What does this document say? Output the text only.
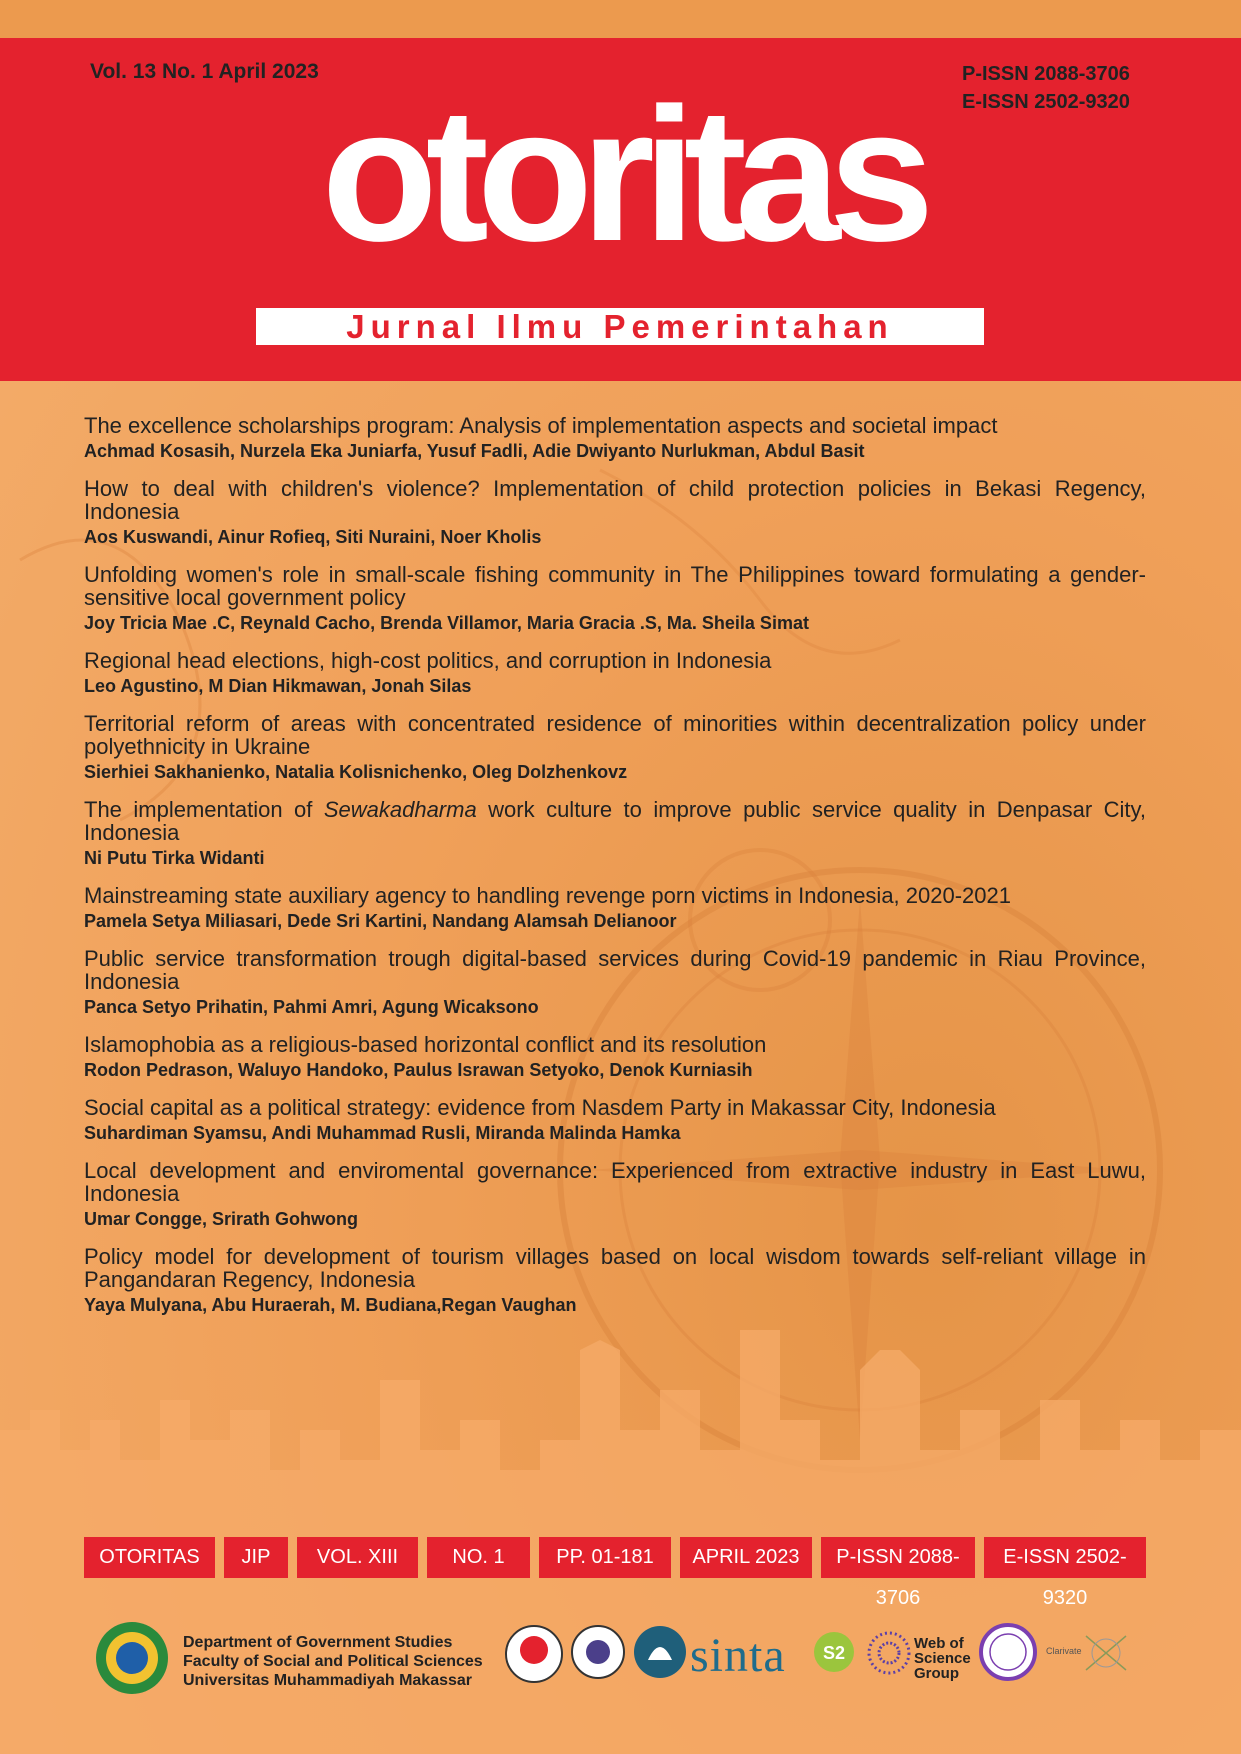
Vol. 13 No. 1 April 2023	P-ISSN 2088-3706
E-ISSN 2502-9320
otoritas
Jurnal Ilmu Pemerintahan
The excellence scholarships program: Analysis of implementation aspects and societal impact
Achmad Kosasih, Nurzela Eka Juniarfa, Yusuf Fadli, Adie Dwiyanto Nurlukman, Abdul Basit
How to deal with children's violence? Implementation of child protection policies in Bekasi Regency, Indonesia
Aos Kuswandi, Ainur Rofieq, Siti Nuraini, Noer Kholis
Unfolding women's role in small-scale fishing community in The Philippines toward formulating a gender-sensitive local government policy
Joy Tricia Mae .C, Reynald Cacho, Brenda Villamor, Maria Gracia .S, Ma. Sheila Simat
Regional head elections, high-cost politics, and corruption in Indonesia
Leo Agustino, M Dian Hikmawan, Jonah Silas
Territorial reform of areas with concentrated residence of minorities within decentralization policy under polyethnicity in Ukraine
Sierhiei Sakhanienko, Natalia Kolisnichenko, Oleg Dolzhenkovz
The implementation of Sewakadharma work culture to improve public service quality in Denpasar City, Indonesia
Ni Putu Tirka Widanti
Mainstreaming state auxiliary agency to handling revenge porn victims in Indonesia, 2020-2021
Pamela Setya Miliasari, Dede Sri Kartini, Nandang Alamsah Delianoor
Public service transformation trough digital-based services during Covid-19 pandemic in Riau Province, Indonesia
Panca Setyo Prihatin, Pahmi Amri, Agung Wicaksono
Islamophobia as a religious-based horizontal conflict and its resolution
Rodon Pedrason, Waluyo Handoko, Paulus Israwan Setyoko, Denok Kurniasih
Social capital as a political strategy: evidence from Nasdem Party in Makassar City, Indonesia
Suhardiman Syamsu, Andi Muhammad Rusli, Miranda Malinda Hamka
Local development and enviromental governance: Experienced from extractive industry in East Luwu, Indonesia
Umar Congge, Srirath Gohwong
Policy model for development of tourism villages based on local wisdom towards self-reliant village in Pangandaran Regency, Indonesia
Yaya Mulyana, Abu Huraerah, M. Budiana,Regan Vaughan
OTORITAS	JIP	VOL. XIII	NO. 1	PP. 01-181	APRIL 2023	P-ISSN 2088-3706
E-ISSN 2502-9320
Department of Government Studies
Faculty of Social and Political Sciences
Universitas Muhammadiyah Makassar	sinta S2	Web of
Science
Group
Clarivate
